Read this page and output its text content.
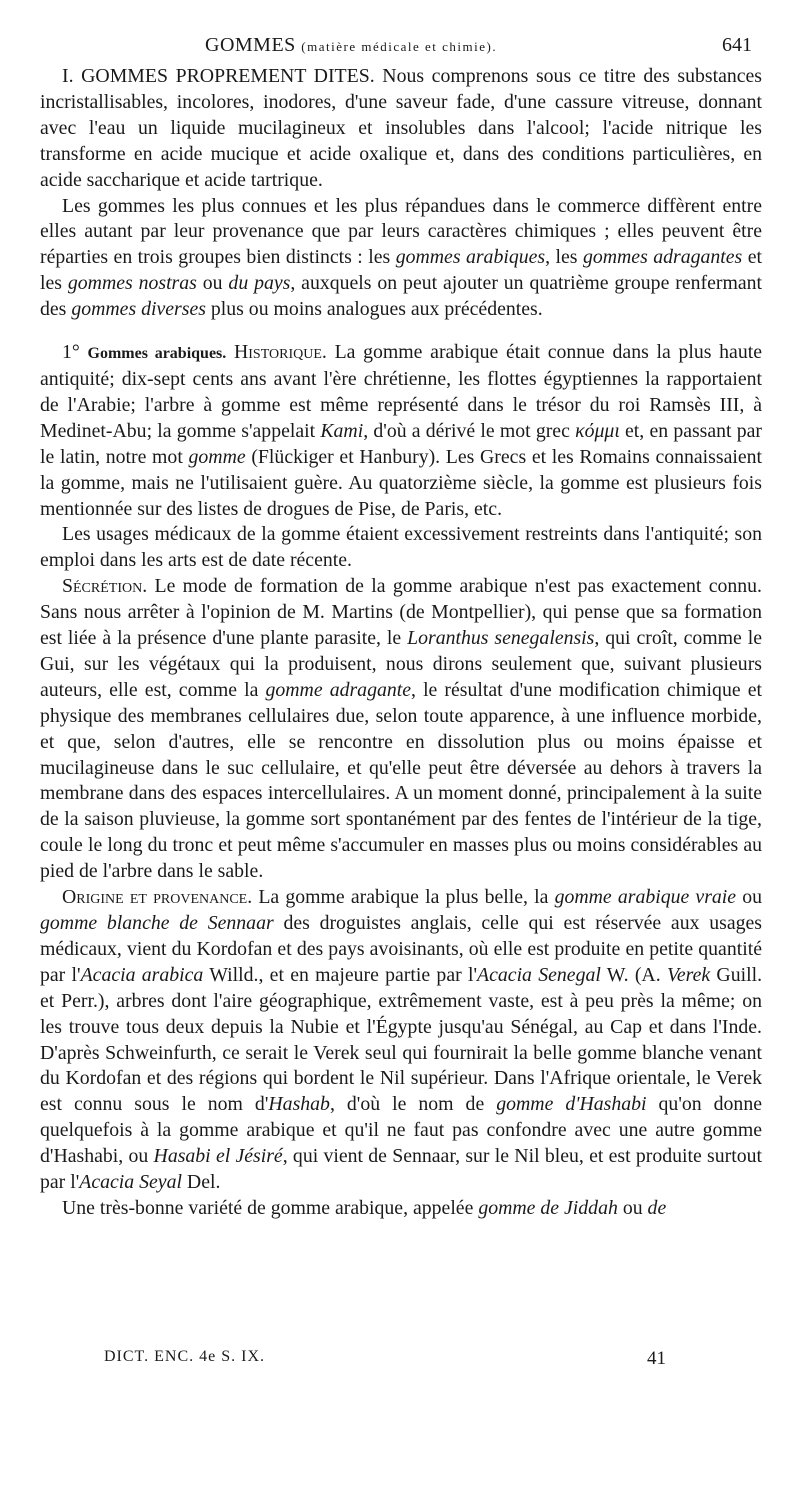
GOMMES (matière médicale et chimie).	641

I. GOMMES PROPREMENT DITES. Nous comprenons sous ce titre des substances incristallisables, incolores, inodores, d'une saveur fade, d'une cassure vitreuse, donnant avec l'eau un liquide mucilagineux et insolubles dans l'alcool; l'acide nitrique les transforme en acide mucique et acide oxalique et, dans des conditions particulières, en acide saccharique et acide tartrique.

Les gommes les plus connues et les plus répandues dans le commerce diffèrent entre elles autant par leur provenance que par leurs caractères chimiques ; elles peuvent être réparties en trois groupes bien distincts : les gommes arabiques, les gommes adragantes et les gommes nostras ou du pays, auxquels on peut ajouter un quatrième groupe renfermant des gommes diverses plus ou moins analogues aux précédentes.

1° Gommes arabiques. Historique. La gomme arabique était connue dans la plus haute antiquité; dix-sept cents ans avant l'ère chrétienne, les flottes égyptiennes la rapportaient de l'Arabie; l'arbre à gomme est même représenté dans le trésor du roi Ramsès III, à Medinet-Abu; la gomme s'appelait Kami, d'où a dérivé le mot grec κόμμι et, en passant par le latin, notre mot gomme (Flückiger et Hanbury). Les Grecs et les Romains connaissaient la gomme, mais ne l'utilisaient guère. Au quatorzième siècle, la gomme est plusieurs fois mentionnée sur des listes de drogues de Pise, de Paris, etc.

Les usages médicaux de la gomme étaient excessivement restreints dans l'antiquité; son emploi dans les arts est de date récente.

Sécrétion. Le mode de formation de la gomme arabique n'est pas exactement connu. Sans nous arrêter à l'opinion de M. Martins (de Montpellier), qui pense que sa formation est liée à la présence d'une plante parasite, le Loranthus senegalensis, qui croît, comme le Gui, sur les végétaux qui la produisent, nous dirons seulement que, suivant plusieurs auteurs, elle est, comme la gomme adragante, le résultat d'une modification chimique et physique des membranes cellulaires due, selon toute apparence, à une influence morbide, et que, selon d'autres, elle se rencontre en dissolution plus ou moins épaisse et mucilagineuse dans le suc cellulaire, et qu'elle peut être déversée au dehors à travers la membrane dans des espaces intercellulaires. A un moment donné, principalement à la suite de la saison pluvieuse, la gomme sort spontanément par des fentes de l'intérieur de la tige, coule le long du tronc et peut même s'accumuler en masses plus ou moins considérables au pied de l'arbre dans le sable.

Origine et provenance. La gomme arabique la plus belle, la gomme arabique vraie ou gomme blanche de Sennaar des droguistes anglais, celle qui est réservée aux usages médicaux, vient du Kordofan et des pays avoisinants, où elle est produite en petite quantité par l'Acacia arabica Willd., et en majeure partie par l'Acacia Senegal W. (A. Verek Guill. et Perr.), arbres dont l'aire géographique, extrêmement vaste, est à peu près la même; on les trouve tous deux depuis la Nubie et l'Égypte jusqu'au Sénégal, au Cap et dans l'Inde. D'après Schweinfurth, ce serait le Verek seul qui fournirait la belle gomme blanche venant du Kordofan et des régions qui bordent le Nil supérieur. Dans l'Afrique orientale, le Verek est connu sous le nom d'Hashab, d'où le nom de gomme d'Hashabi qu'on donne quelquefois à la gomme arabique et qu'il ne faut pas confondre avec une autre gomme d'Hashabi, ou Hasabi el Jésiré, qui vient de Sennaar, sur le Nil bleu, et est produite surtout par l'Acacia Seyal Del.

Une très-bonne variété de gomme arabique, appelée gomme de Jiddah ou de

DICT. ENC. 4e S. IX.	41
